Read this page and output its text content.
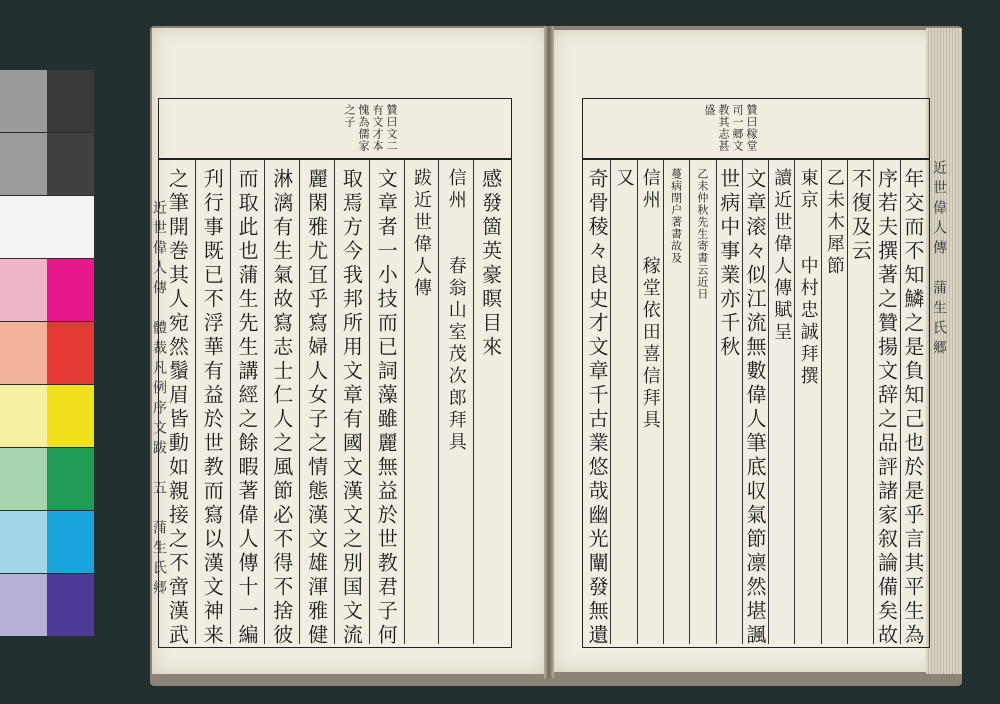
感發箇英豪瞑目來
信州　　春翁山室茂次郎拜具
跋近世偉人傳
文章者一小技而已詞藻雖麗無益於世教君子何
取焉方今我邦所用文章有國文漢文之別国文流
麗閑雅尤冝乎寫婦人女子之情態漢文雄渾雅健
淋漓有生氣故寫志士仁人之風節必不得不捨彼
而取此也蒲生先生講經之餘暇著偉人傳十一編
刋行事既已不浮華有益於世教而寫以漢文神来
之筆開巻其人宛然鬚眉皆動如親接之不啻漢武	年交而不知鱗之是負知己也於是乎言其平生為
序若夫撰著之贊揚文辞之品評諸家叙論備矣故
不復及云
乙未木犀節
東京　　中村忠誠拜撰
讀近世偉人傳賦呈
文章滚々似江流無數偉人筆底収氣節凛然堪諷
世病中事業亦千秋
乙未仲秋先生寄書云近日
蔓病閉户著書故及
信州　　稼堂依田喜信拜具
又
奇骨稜々良史才文章千古業悠哉幽光闡發無遺
贊曰文二
有文才本
愧為儒家
之子	贊曰稼堂
司一郷文
教其志甚
盛
近世偉人傳　體裁凡例序文跋　五　蒲生氏郷	近世偉人傳　蒲生氏郷
